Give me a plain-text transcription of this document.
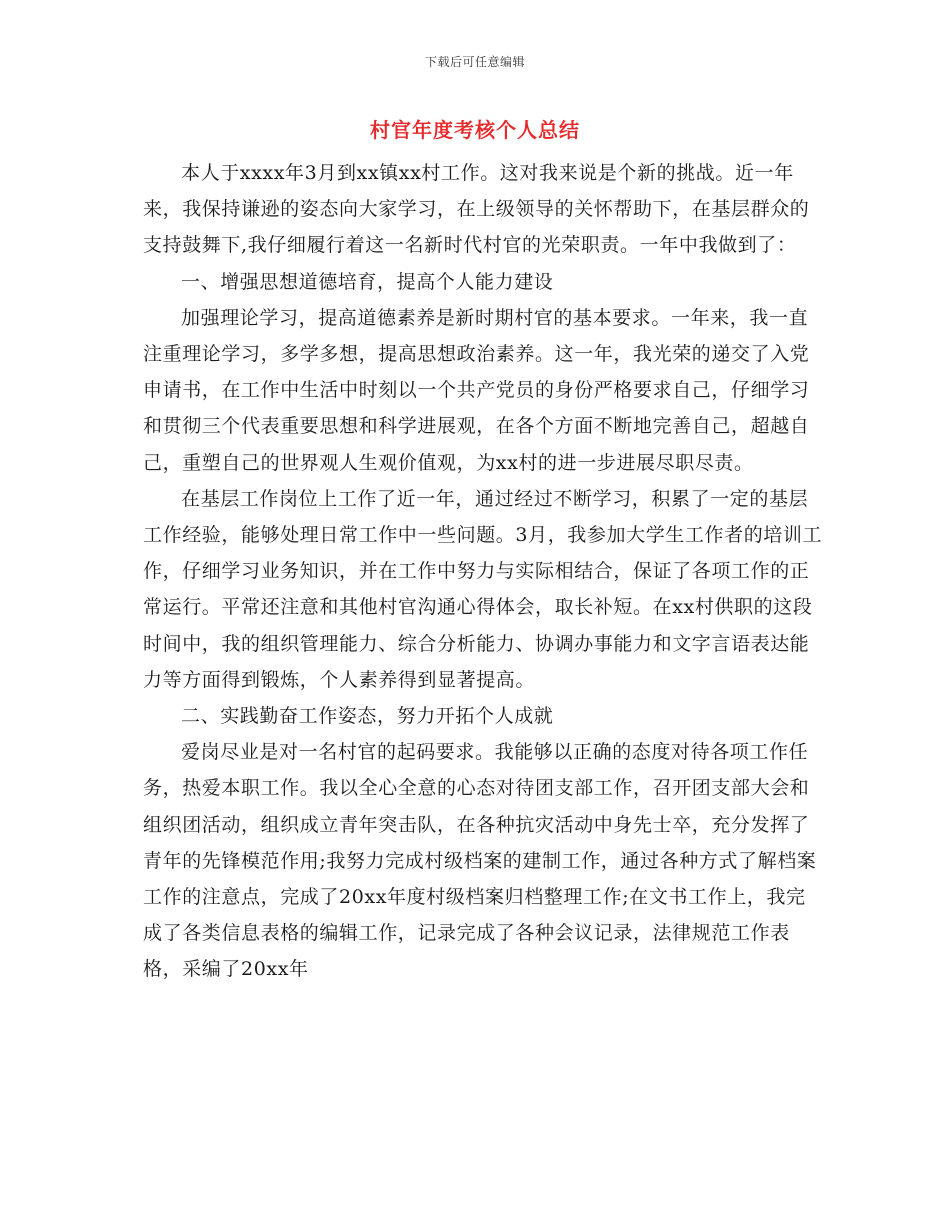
下载后可任意编辑
村官年度考核个人总结

本人于xxxx年3月到xx镇xx村工作。这对我来说是个新的挑战。近一年来，我保持谦逊的姿态向大家学习，在上级领导的关怀帮助下，在基层群众的支持鼓舞下,我仔细履行着这一名新时代村官的光荣职责。一年中我做到了：

一、增强思想道德培育，提高个人能力建设

加强理论学习，提高道德素养是新时期村官的基本要求。一年来，我一直注重理论学习，多学多想，提高思想政治素养。这一年，我光荣的递交了入党申请书，在工作中生活中时刻以一个共产党员的身份严格要求自己，仔细学习和贯彻三个代表重要思想和科学进展观，在各个方面不断地完善自己，超越自己，重塑自己的世界观人生观价值观，为xx村的进一步进展尽职尽责。

在基层工作岗位上工作了近一年，通过经过不断学习，积累了一定的基层工作经验，能够处理日常工作中一些问题。3月，我参加大学生工作者的培训工作，仔细学习业务知识，并在工作中努力与实际相结合，保证了各项工作的正常运行。平常还注意和其他村官沟通心得体会，取长补短。在xx村供职的这段时间中，我的组织管理能力、综合分析能力、协调办事能力和文字言语表达能力等方面得到锻炼，个人素养得到显著提高。

二、实践勤奋工作姿态，努力开拓个人成就

爱岗尽业是对一名村官的起码要求。我能够以正确的态度对待各项工作任务，热爱本职工作。我以全心全意的心态对待团支部工作，召开团支部大会和组织团活动，组织成立青年突击队，在各种抗灾活动中身先士卒，充分发挥了青年的先锋模范作用;我努力完成村级档案的建制工作，通过各种方式了解档案工作的注意点，完成了20xx年度村级档案归档整理工作;在文书工作上，我完成了各类信息表格的编辑工作，记录完成了各种会议记录，法律规范工作表格，采编了20xx年
